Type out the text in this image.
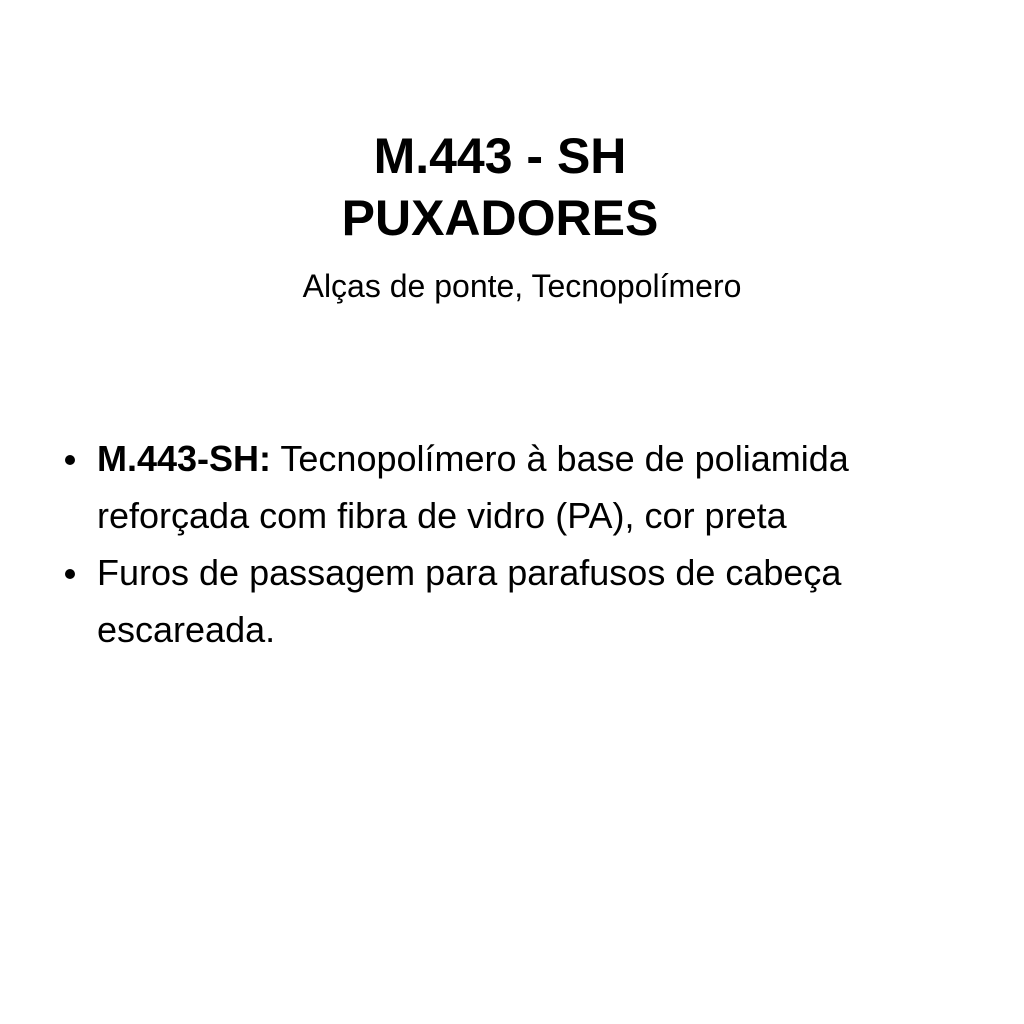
M.443 - SH
PUXADORES

Alças de ponte, Tecnopolímero

M.443-SH: Tecnopolímero à base de poliamida reforçada com fibra de vidro (PA), cor preta
Furos de passagem para parafusos de cabeça escareada.
